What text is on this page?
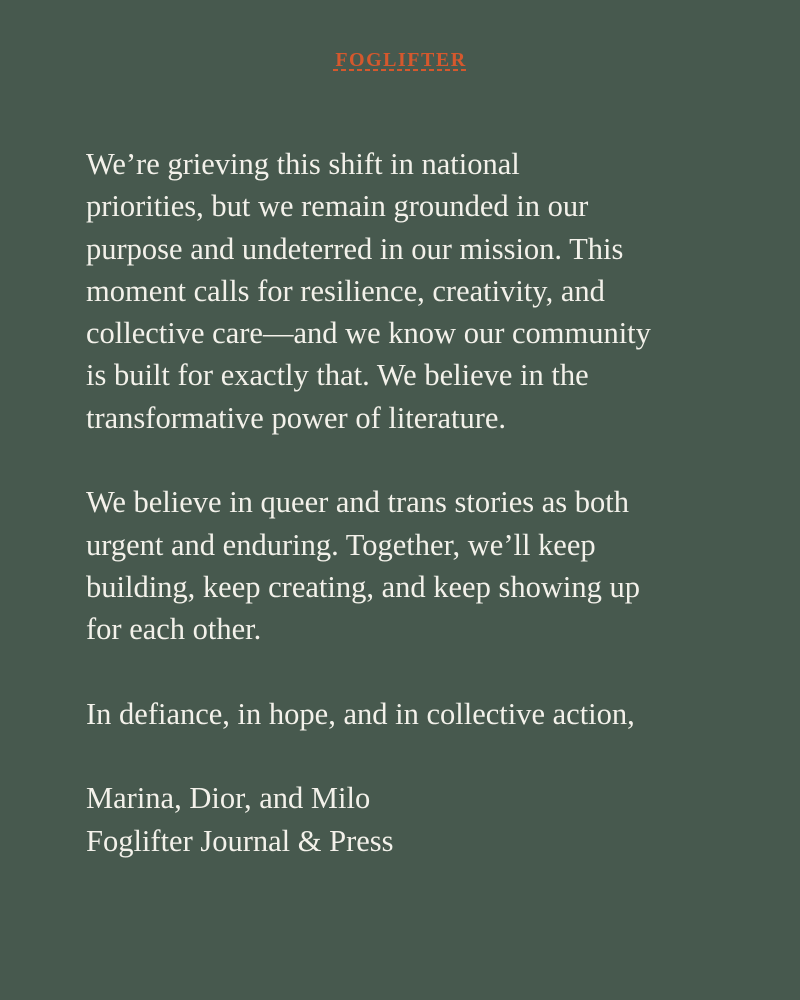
FOGLIFTER

We’re grieving this shift in national
priorities, but we remain grounded in our
purpose and undeterred in our mission. This
moment calls for resilience, creativity, and
collective care—and we know our community
is built for exactly that. We believe in the
transformative power of literature.

We believe in queer and trans stories as both
urgent and enduring. Together, we’ll keep
building, keep creating, and keep showing up
for each other.

In defiance, in hope, and in collective action,

Marina, Dior, and Milo
Foglifter Journal & Press
